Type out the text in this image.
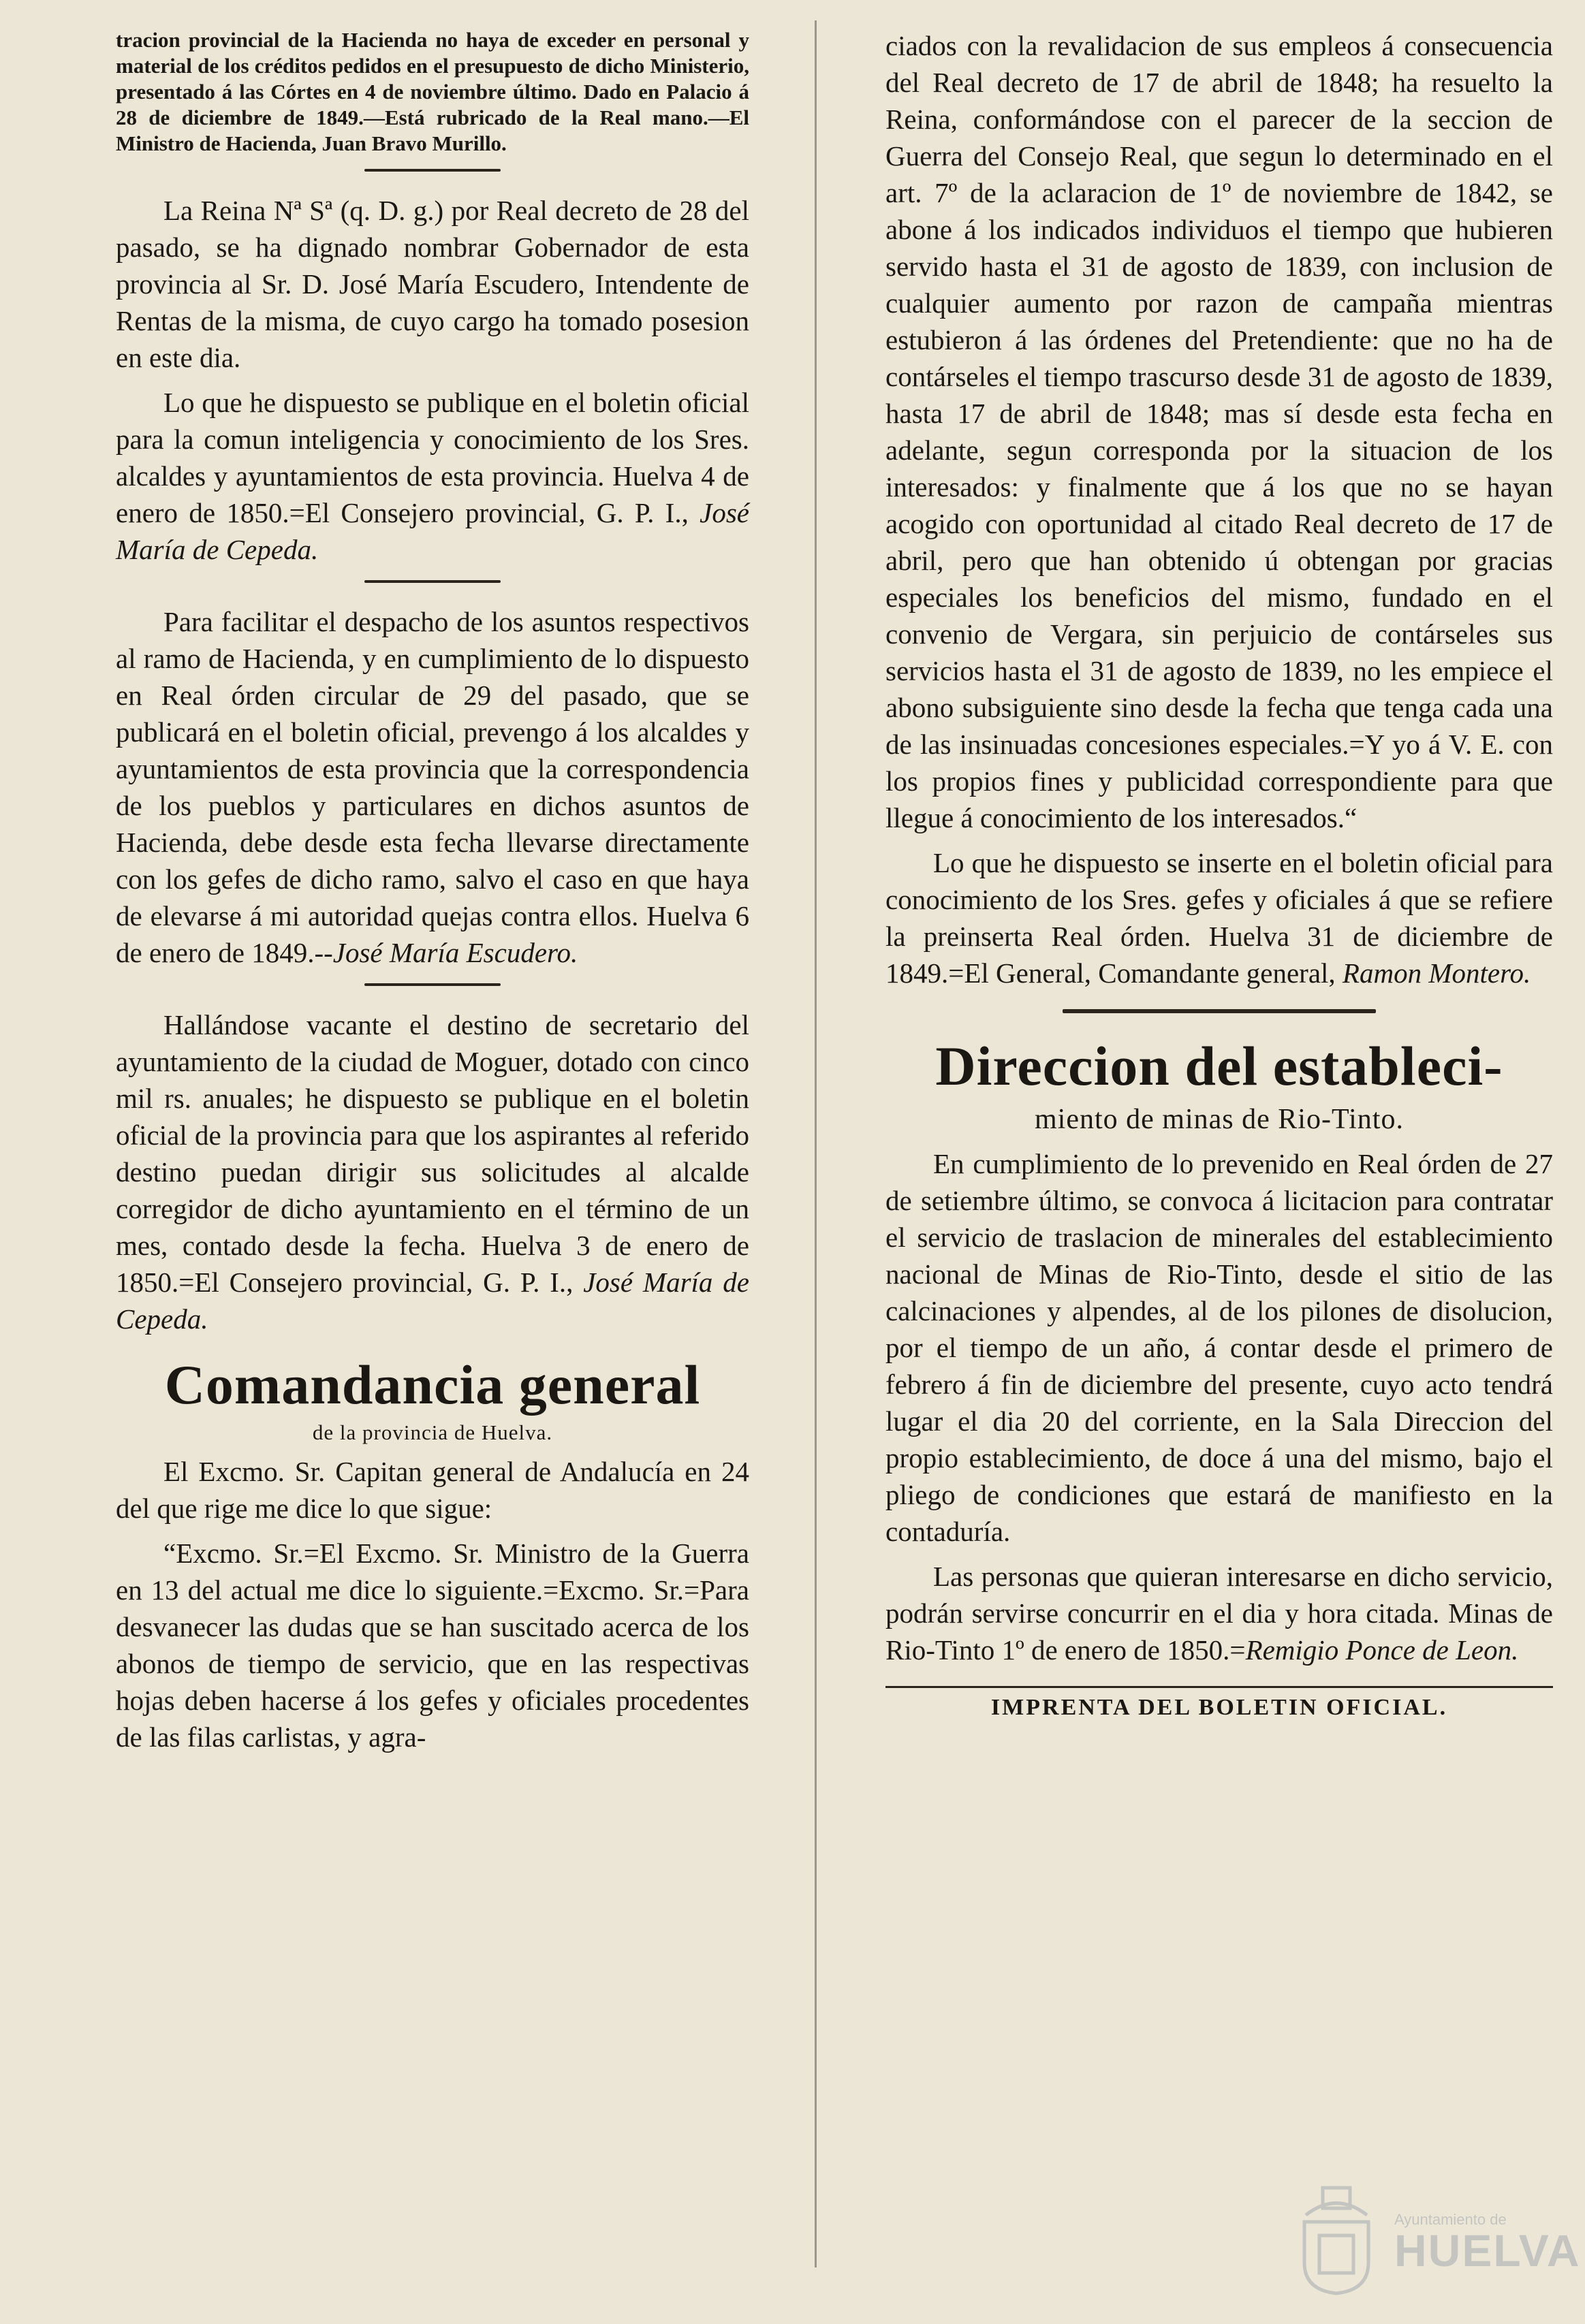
tracion provincial de la Hacienda no haya de exceder en personal y material de los créditos pedidos en el presupuesto de dicho Ministerio, presentado á las Córtes en 4 de noviembre último. Dado en Palacio á 28 de diciembre de 1849.—Está rubricado de la Real mano.—El Ministro de Hacienda, Juan Bravo Murillo.

La Reina Nª Sª (q. D. g.) por Real decreto de 28 del pasado, se ha dignado nombrar Gobernador de esta provincia al Sr. D. José María Escudero, Intendente de Rentas de la misma, de cuyo cargo ha tomado posesion en este dia.

Lo que he dispuesto se publique en el boletin oficial para la comun inteligencia y conocimiento de los Sres. alcaldes y ayuntamientos de esta provincia. Huelva 4 de enero de 1850.=El Consejero provincial, G. P. I., José María de Cepeda.

Para facilitar el despacho de los asuntos respectivos al ramo de Hacienda, y en cumplimiento de lo dispuesto en Real órden circular de 29 del pasado, que se publicará en el boletin oficial, prevengo á los alcaldes y ayuntamientos de esta provincia que la correspondencia de los pueblos y particulares en dichos asuntos de Hacienda, debe desde esta fecha llevarse directamente con los gefes de dicho ramo, salvo el caso en que haya de elevarse á mi autoridad quejas contra ellos. Huelva 6 de enero de 1849.--José María Escudero.

Hallándose vacante el destino de secretario del ayuntamiento de la ciudad de Moguer, dotado con cinco mil rs. anuales; he dispuesto se publique en el boletin oficial de la provincia para que los aspirantes al referido destino puedan dirigir sus solicitudes al alcalde corregidor de dicho ayuntamiento en el término de un mes, contado desde la fecha. Huelva 3 de enero de 1850.=El Consejero provincial, G. P. I., José María de Cepeda.

Comandancia general
de la provincia de Huelva.

El Excmo. Sr. Capitan general de Andalucía en 24 del que rige me dice lo que sigue:

“Excmo. Sr.=El Excmo. Sr. Ministro de la Guerra en 13 del actual me dice lo siguiente.=Excmo. Sr.=Para desvanecer las dudas que se han suscitado acerca de los abonos de tiempo de servicio, que en las respectivas hojas deben hacerse á los gefes y oficiales procedentes de las filas carlistas, y agra-

ciados con la revalidacion de sus empleos á consecuencia del Real decreto de 17 de abril de 1848; ha resuelto la Reina, conformándose con el parecer de la seccion de Guerra del Consejo Real, que segun lo determinado en el art. 7º de la aclaracion de 1º de noviembre de 1842, se abone á los indicados individuos el tiempo que hubieren servido hasta el 31 de agosto de 1839, con inclusion de cualquier aumento por razon de campaña mientras estubieron á las órdenes del Pretendiente: que no ha de contárseles el tiempo trascurso desde 31 de agosto de 1839, hasta 17 de abril de 1848; mas sí desde esta fecha en adelante, segun corresponda por la situacion de los interesados: y finalmente que á los que no se hayan acogido con oportunidad al citado Real decreto de 17 de abril, pero que han obtenido ú obtengan por gracias especiales los beneficios del mismo, fundado en el convenio de Vergara, sin perjuicio de contárseles sus servicios hasta el 31 de agosto de 1839, no les empiece el abono subsiguiente sino desde la fecha que tenga cada una de las insinuadas concesiones especiales.=Y yo á V. E. con los propios fines y publicidad correspondiente para que llegue á conocimiento de los interesados.“

Lo que he dispuesto se inserte en el boletin oficial para conocimiento de los Sres. gefes y oficiales á que se refiere la preinserta Real órden. Huelva 31 de diciembre de 1849.=El General, Comandante general, Ramon Montero.

Direccion del estableci-
miento de minas de Rio-Tinto.

En cumplimiento de lo prevenido en Real órden de 27 de setiembre último, se convoca á licitacion para contratar el servicio de traslacion de minerales del establecimiento nacional de Minas de Rio-Tinto, desde el sitio de las calcinaciones y alpendes, al de los pilones de disolucion, por el tiempo de un año, á contar desde el primero de febrero á fin de diciembre del presente, cuyo acto tendrá lugar el dia 20 del corriente, en la Sala Direccion del propio establecimiento, de doce á una del mismo, bajo el pliego de condiciones que estará de manifiesto en la contaduría.

Las personas que quieran interesarse en dicho servicio, podrán servirse concurrir en el dia y hora citada. Minas de Rio-Tinto 1º de enero de 1850.=Remigio Ponce de Leon.

IMPRENTA DEL BOLETIN OFICIAL.
Ayuntamiento de
HUELVA
